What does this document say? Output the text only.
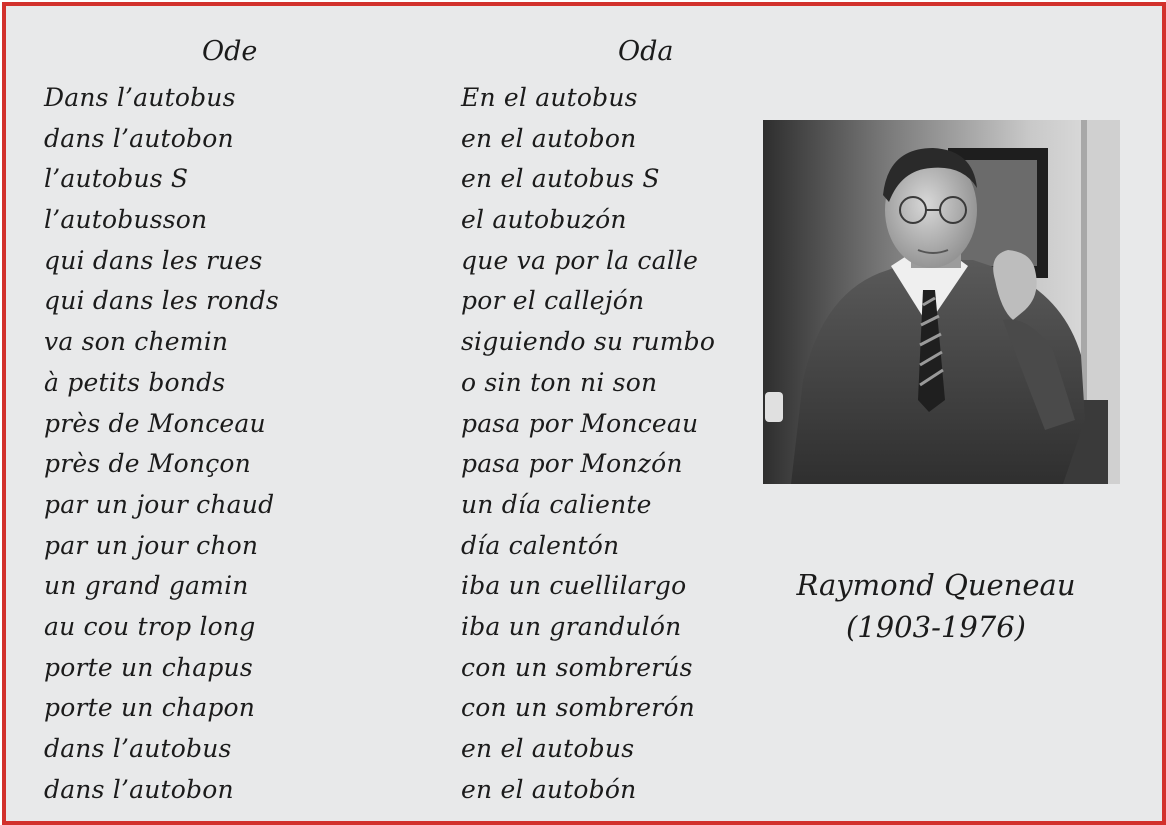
Ode
Dans l’autobus
dans l’autobon
l’autobus S
l’autobusson
qui dans les rues
qui dans les ronds
va son chemin
à petits bonds
près de Monceau
près de Monçon
par un jour chaud
par un jour chon
un grand gamin
au cou trop long
porte un chapus
porte un chapon
dans l’autobus
dans l’autobon
Oda
En el autobus
en el autobon
en el autobus S
el autobuzón
que va por la calle
por el callejón
siguiendo su rumbo
o sin ton ni son
pasa por Monceau
pasa por Monzón
un día caliente
día calentón
iba un cuellilargo
iba un grandulón
con un sombrerús
con un sombrerón
en el autobus
en el autobón
Raymond Queneau
(1903-1976)
